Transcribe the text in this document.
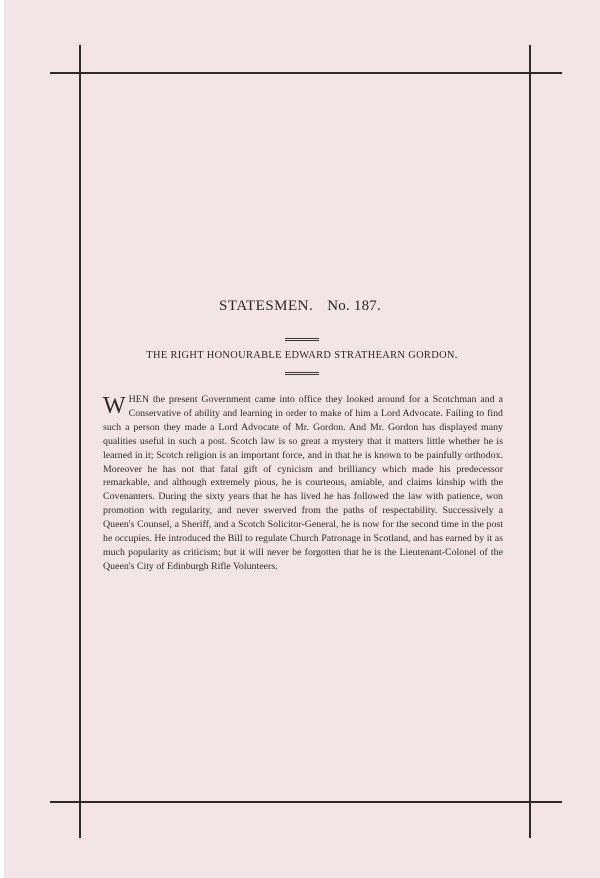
STATESMEN. No. 187.
THE RIGHT HONOURABLE EDWARD STRATHEARN GORDON.

WHEN the present Government came into office they looked around for a Scotchman and a Conservative of ability and learning in order to make of him a Lord Advocate. Failing to find such a person they made a Lord Advocate of Mr. Gordon. And Mr. Gordon has displayed many qualities useful in such a post. Scotch law is so great a mystery that it matters little whether he is learned in it; Scotch religion is an important force, and in that he is known to be painfully orthodox. Moreover he has not that fatal gift of cynicism and brilliancy which made his predecessor remarkable, and although extremely pious, he is courteous, amiable, and claims kinship with the Covenanters. During the sixty years that he has lived he has followed the law with patience, won promotion with regularity, and never swerved from the paths of respectability. Successively a Queen's Counsel, a Sheriff, and a Scotch Solicitor-General, he is now for the second time in the post he occupies. He introduced the Bill to regulate Church Patronage in Scotland, and has earned by it as much popularity as criticism; but it will never be forgotten that he is the Lieutenant-Colonel of the Queen's City of Edinburgh Rifle Volunteers.
